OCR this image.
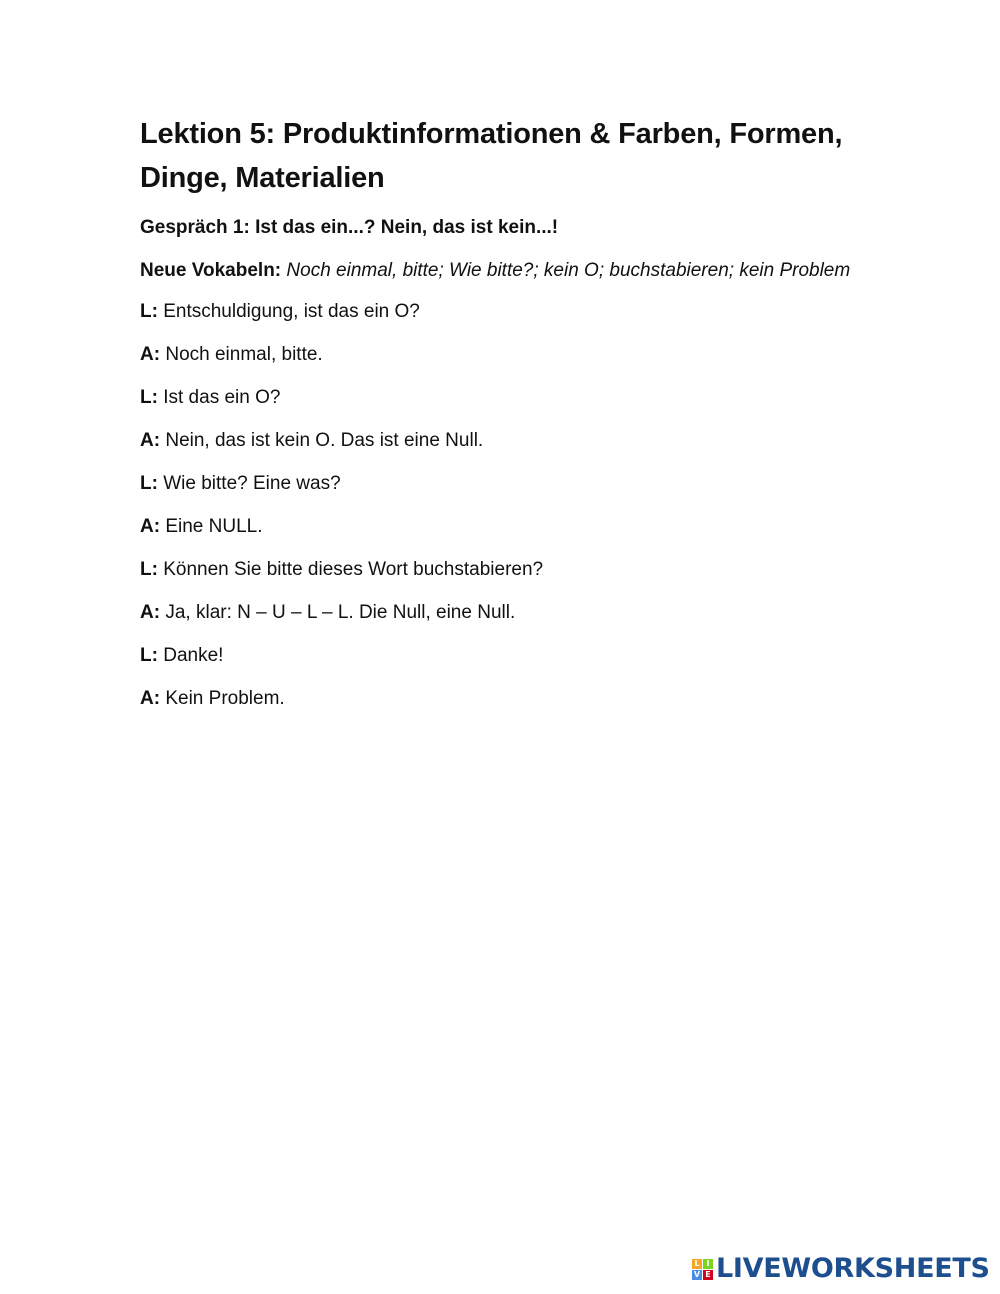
Lektion 5: Produktinformationen & Farben, Formen, Dinge, Materialien
Gespräch 1: Ist das ein...? Nein, das ist kein...!
Neue Vokabeln: Noch einmal, bitte; Wie bitte?; kein O; buchstabieren; kein Problem
L: Entschuldigung, ist das ein O?
A: Noch einmal, bitte.
L: Ist das ein O?
A: Nein, das ist kein O. Das ist eine Null.
L: Wie bitte? Eine was?
A: Eine NULL.
L: Können Sie bitte dieses Wort buchstabieren?
A: Ja, klar: N – U – L – L. Die Null, eine Null.
L: Danke!
A: Kein Problem.
L I
V E LIVEWORKSHEETS
